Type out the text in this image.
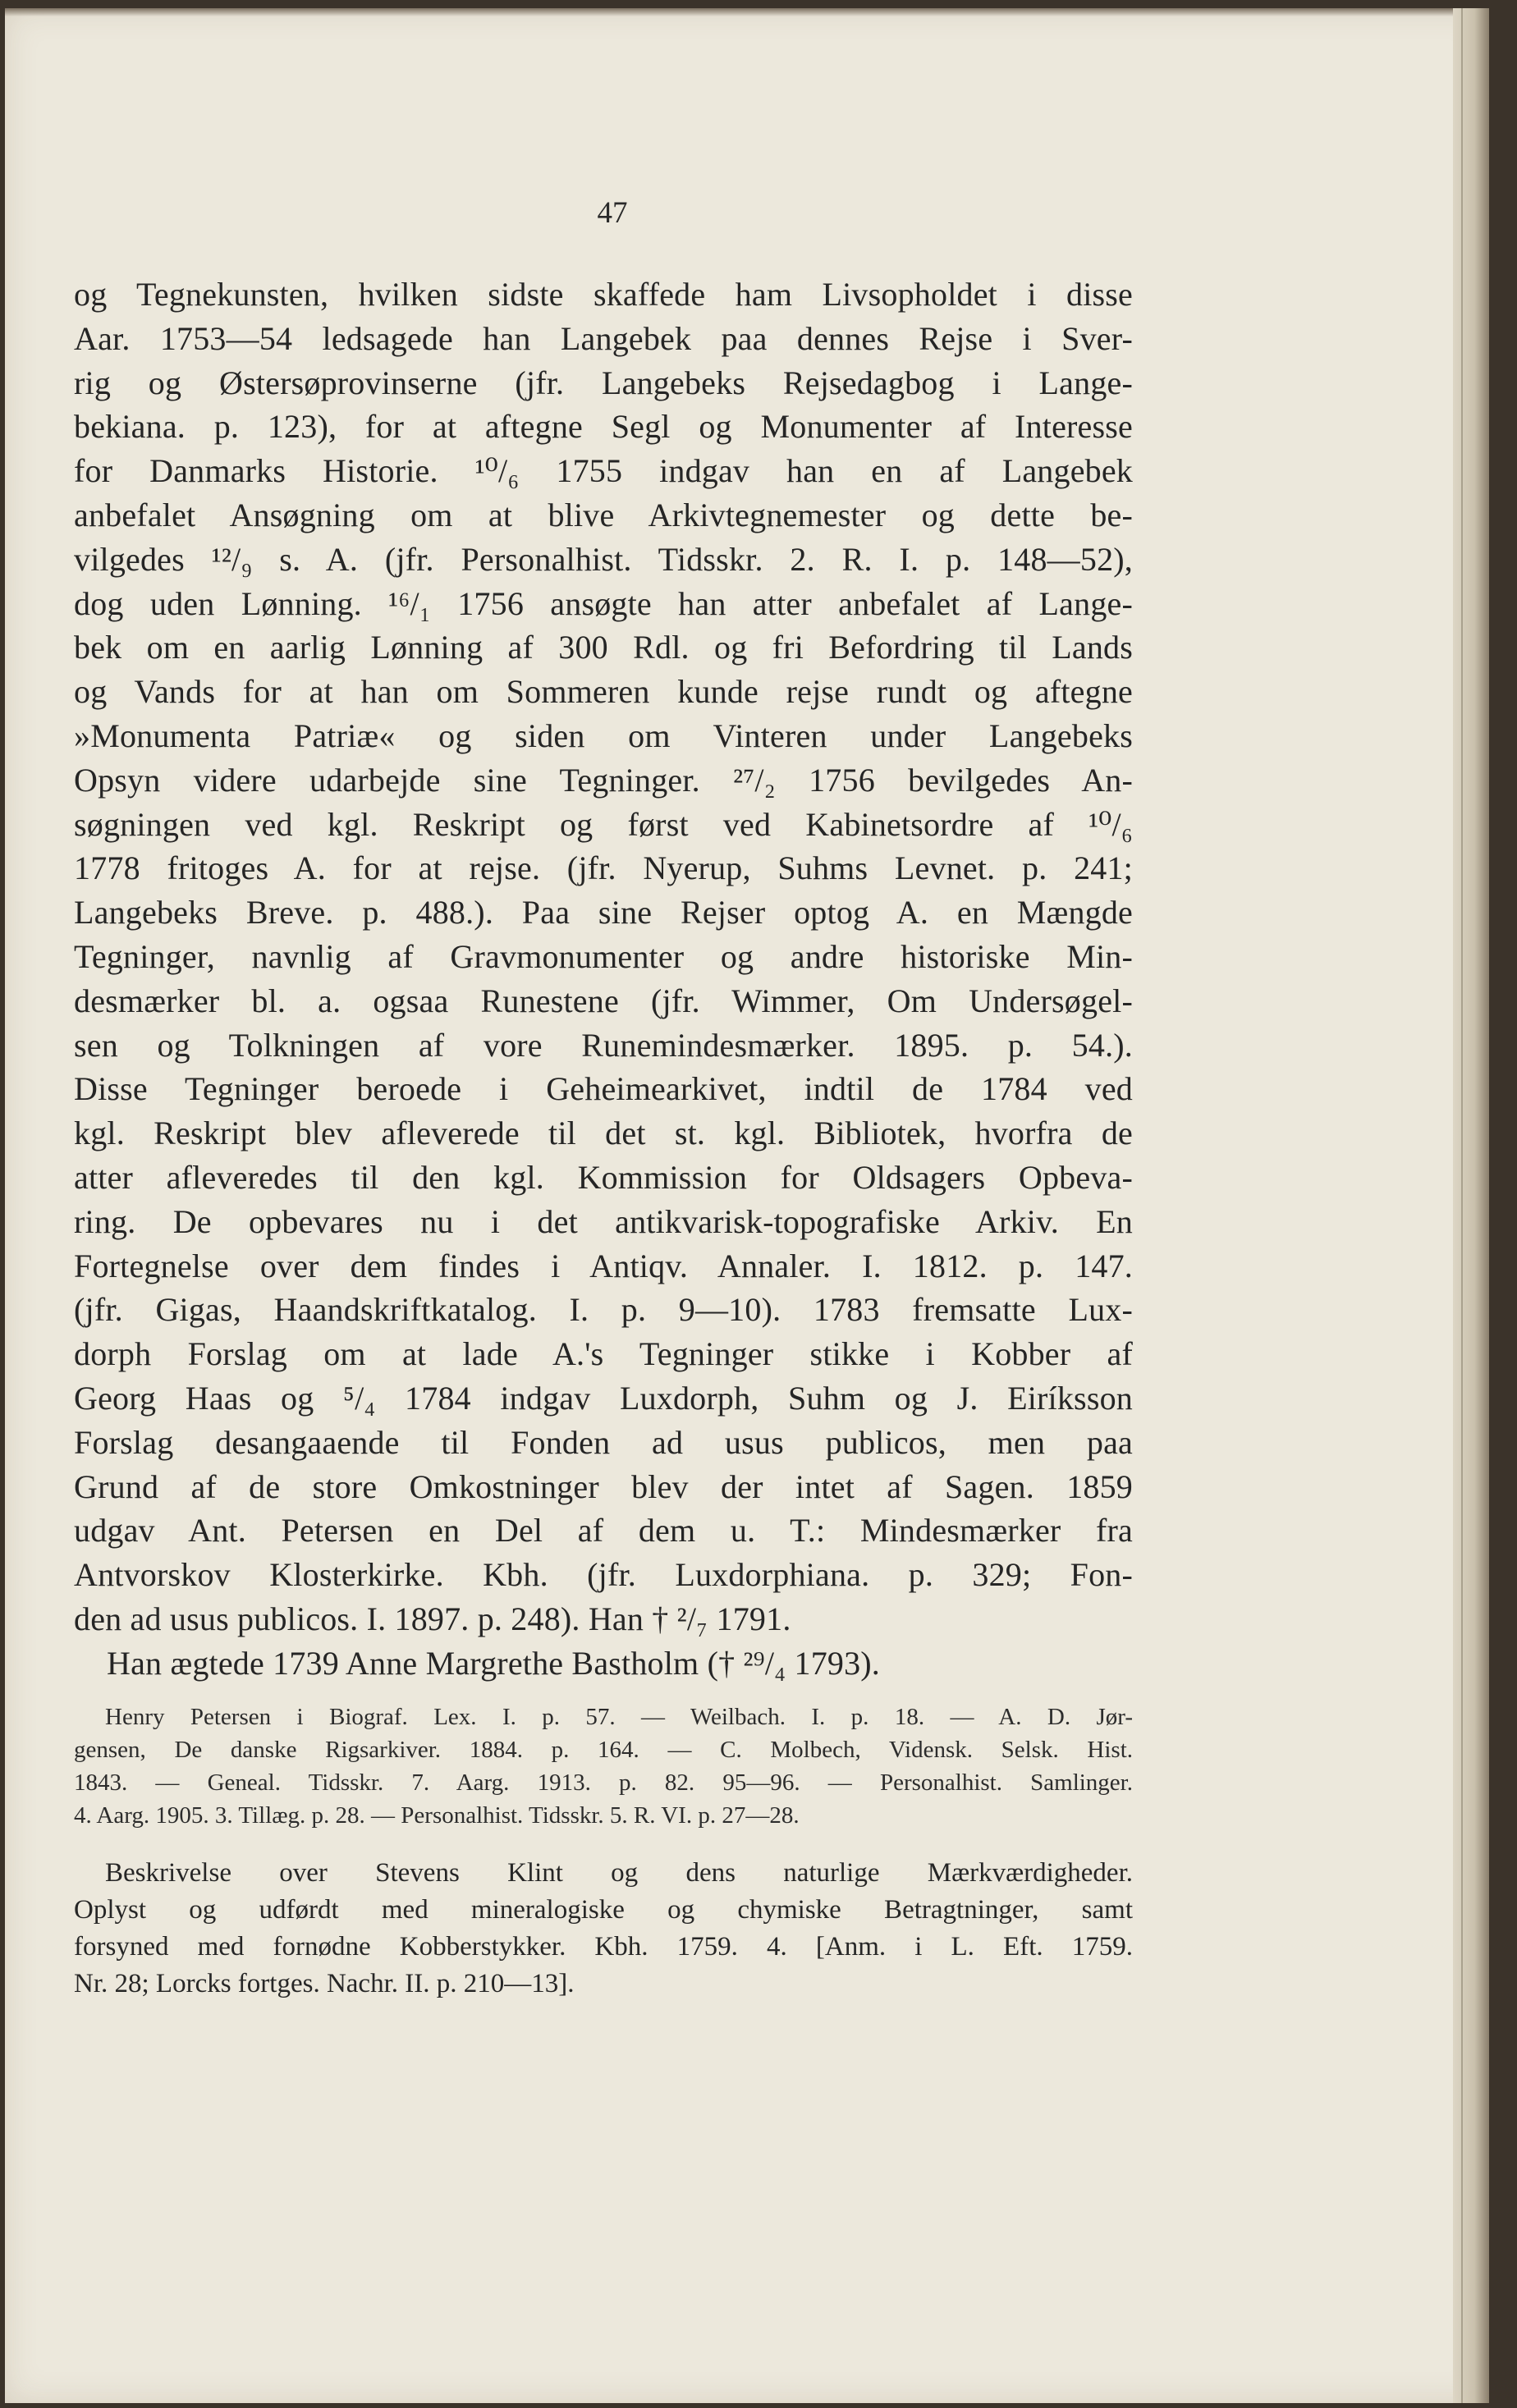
47
og Tegnekunsten, hvilken sidste skaffede ham Livsopholdet i disse
Aar. 1753—54 ledsagede han Langebek paa dennes Rejse i Sver-
rig og Østersøprovinserne (jfr. Langebeks Rejsedagbog i Lange-
bekiana. p. 123), for at aftegne Segl og Monumenter af Interesse
for Danmarks Historie. ¹⁰/₆ 1755 indgav han en af Langebek
anbefalet Ansøgning om at blive Arkivtegnemester og dette be-
vilgedes ¹²/₉ s. A. (jfr. Personalhist. Tidsskr. 2. R. I. p. 148—52),
dog uden Lønning. ¹⁶/₁ 1756 ansøgte han atter anbefalet af Lange-
bek om en aarlig Lønning af 300 Rdl. og fri Befordring til Lands
og Vands for at han om Sommeren kunde rejse rundt og aftegne
»Monumenta Patriæ« og siden om Vinteren under Langebeks
Opsyn videre udarbejde sine Tegninger. ²⁷/₂ 1756 bevilgedes An-
søgningen ved kgl. Reskript og først ved Kabinetsordre af ¹⁰/₆
1778 fritoges A. for at rejse. (jfr. Nyerup, Suhms Levnet. p. 241;
Langebeks Breve. p. 488.). Paa sine Rejser optog A. en Mængde
Tegninger, navnlig af Gravmonumenter og andre historiske Min-
desmærker bl. a. ogsaa Runestene (jfr. Wimmer, Om Undersøgel-
sen og Tolkningen af vore Runemindesmærker. 1895. p. 54.).
Disse Tegninger beroede i Geheimearkivet, indtil de 1784 ved
kgl. Reskript blev afleverede til det st. kgl. Bibliotek, hvorfra de
atter afleveredes til den kgl. Kommission for Oldsagers Opbeva-
ring. De opbevares nu i det antikvarisk-topografiske Arkiv. En
Fortegnelse over dem findes i Antiqv. Annaler. I. 1812. p. 147.
(jfr. Gigas, Haandskriftkatalog. I. p. 9—10). 1783 fremsatte Lux-
dorph Forslag om at lade A.'s Tegninger stikke i Kobber af
Georg Haas og ⁵/₄ 1784 indgav Luxdorph, Suhm og J. Eiríksson
Forslag desangaaende til Fonden ad usus publicos, men paa
Grund af de store Omkostninger blev der intet af Sagen. 1859
udgav Ant. Petersen en Del af dem u. T.: Mindesmærker fra
Antvorskov Klosterkirke. Kbh. (jfr. Luxdorphiana. p. 329; Fon-
den ad usus publicos. I. 1897. p. 248). Han † ²/₇ 1791.
Han ægtede 1739 Anne Margrethe Bastholm († ²⁹/₄ 1793).
Henry Petersen i Biograf. Lex. I. p. 57. — Weilbach. I. p. 18. — A. D. Jør-
gensen, De danske Rigsarkiver. 1884. p. 164. — C. Molbech, Vidensk. Selsk. Hist.
1843. — Geneal. Tidsskr. 7. Aarg. 1913. p. 82. 95—96. — Personalhist. Samlinger.
4. Aarg. 1905. 3. Tillæg. p. 28. — Personalhist. Tidsskr. 5. R. VI. p. 27—28.
Beskrivelse over Stevens Klint og dens naturlige Mærkværdigheder.
Oplyst og udførdt med mineralogiske og chymiske Betragtninger, samt
forsyned med fornødne Kobberstykker. Kbh. 1759. 4. [Anm. i L. Eft. 1759.
Nr. 28; Lorcks fortges. Nachr. II. p. 210—13].
